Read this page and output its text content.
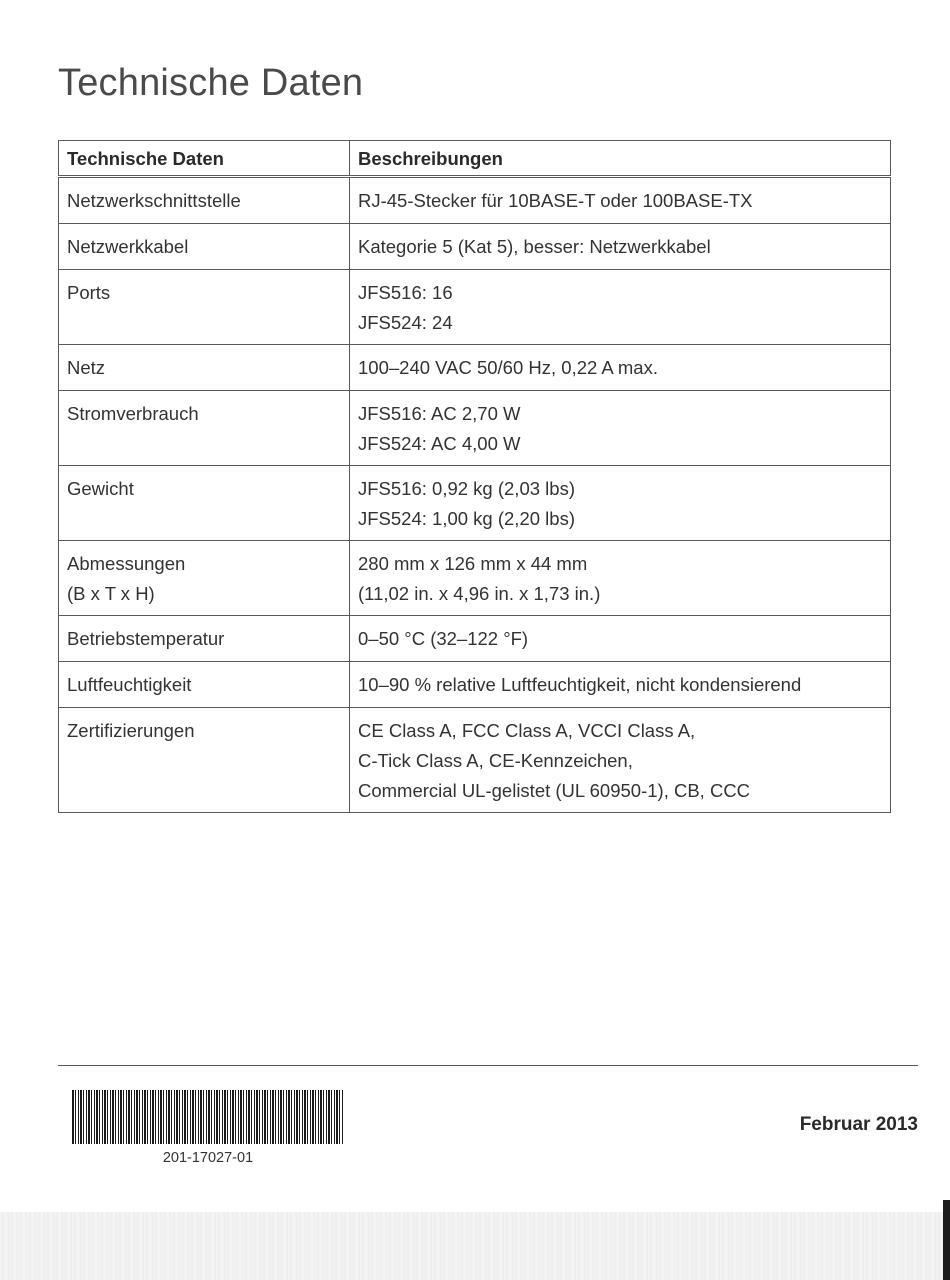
Technische Daten
Technische Daten	Beschreibungen

Netzwerkschnittstelle	RJ-45-Stecker für 10BASE-T oder 100BASE-TX

Netzwerkkabel	Kategorie 5 (Kat 5), besser: Netzwerkkabel

Ports	JFS516: 16
JFS524: 24

Netz	100–240 VAC 50/60 Hz, 0,22 A max.

Stromverbrauch	JFS516: AC 2,70 W
JFS524: AC 4,00 W

Gewicht	JFS516: 0,92 kg (2,03 lbs)
JFS524: 1,00 kg (2,20 lbs)

Abmessungen
(B x T x H)	280 mm x 126 mm x 44 mm
(11,02 in. x 4,96 in. x 1,73 in.)

Betriebstemperatur	0–50 °C (32–122 °F)

Luftfeuchtigkeit	10–90 % relative Luftfeuchtigkeit, nicht kondensierend

Zertifizierungen	CE Class A, FCC Class A, VCCI Class A,
C-Tick Class A, CE-Kennzeichen,
Commercial UL-gelistet (UL 60950-1), CB, CCC
201-17027-01
Februar 2013
